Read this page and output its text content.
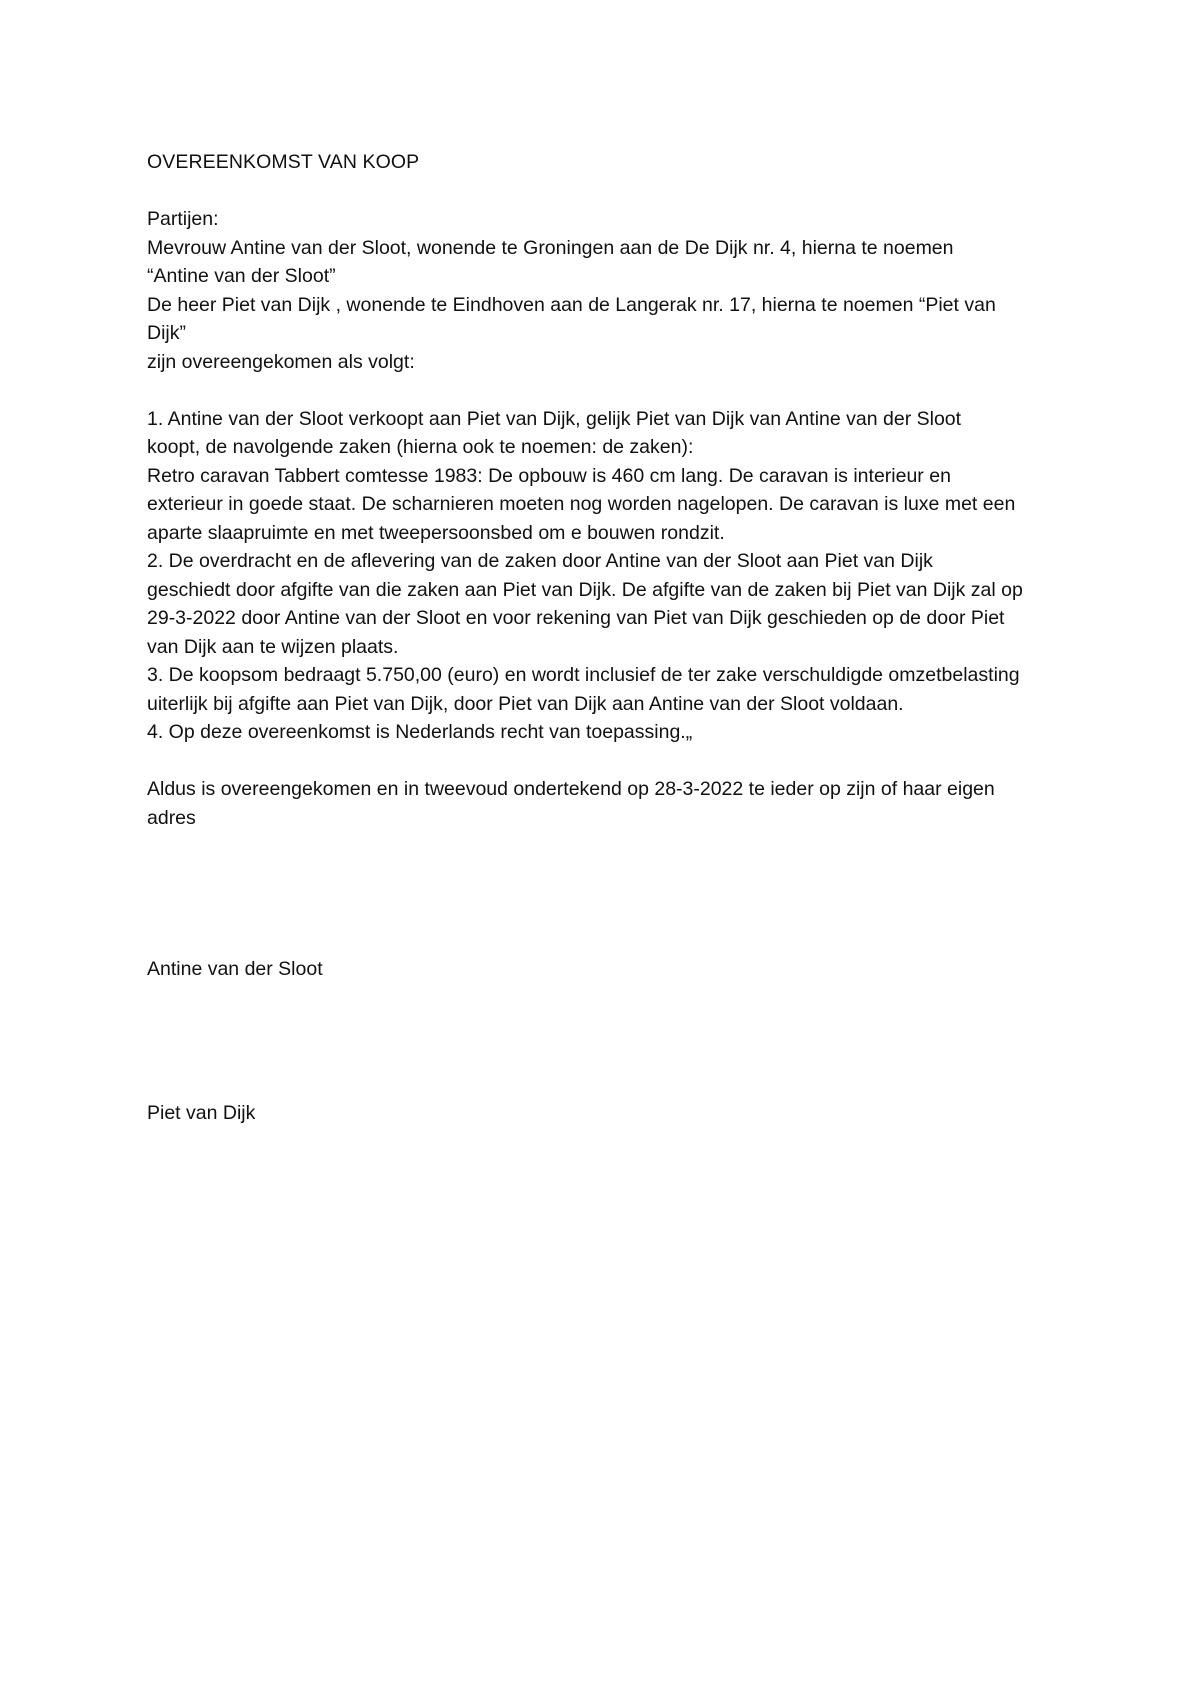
OVEREENKOMST VAN KOOP

Partijen:

Mevrouw Antine van der Sloot, wonende te Groningen aan de De Dijk nr. 4, hierna te noemen

“Antine van der Sloot”

De heer Piet van Dijk , wonende te Eindhoven aan de Langerak nr. 17, hierna te noemen “Piet van

Dijk”

zijn overeengekomen als volgt:

1. Antine van der Sloot verkoopt aan Piet van Dijk, gelijk Piet van Dijk van Antine van der Sloot

koopt, de navolgende zaken (hierna ook te noemen: de zaken):

Retro caravan Tabbert comtesse 1983: De opbouw is 460 cm lang. De caravan is interieur en

exterieur in goede staat. De scharnieren moeten nog worden nagelopen. De caravan is luxe met een

aparte slaapruimte en met tweepersoonsbed om e bouwen rondzit.

2. De overdracht en de aflevering van de zaken door Antine van der Sloot aan Piet van Dijk

geschiedt door afgifte van die zaken aan Piet van Dijk. De afgifte van de zaken bij Piet van Dijk zal op

29-3-2022 door Antine van der Sloot en voor rekening van Piet van Dijk geschieden op de door Piet

van Dijk aan te wijzen plaats.

3. De koopsom bedraagt 5.750,00 (euro) en wordt inclusief de ter zake verschuldigde omzetbelasting

uiterlijk bij afgifte aan Piet van Dijk, door Piet van Dijk aan Antine van der Sloot voldaan.

4. Op deze overeenkomst is Nederlands recht van toepassing.„

Aldus is overeengekomen en in tweevoud ondertekend op 28-3-2022 te ieder op zijn of haar eigen

adres

Antine van der Sloot
Piet van Dijk
